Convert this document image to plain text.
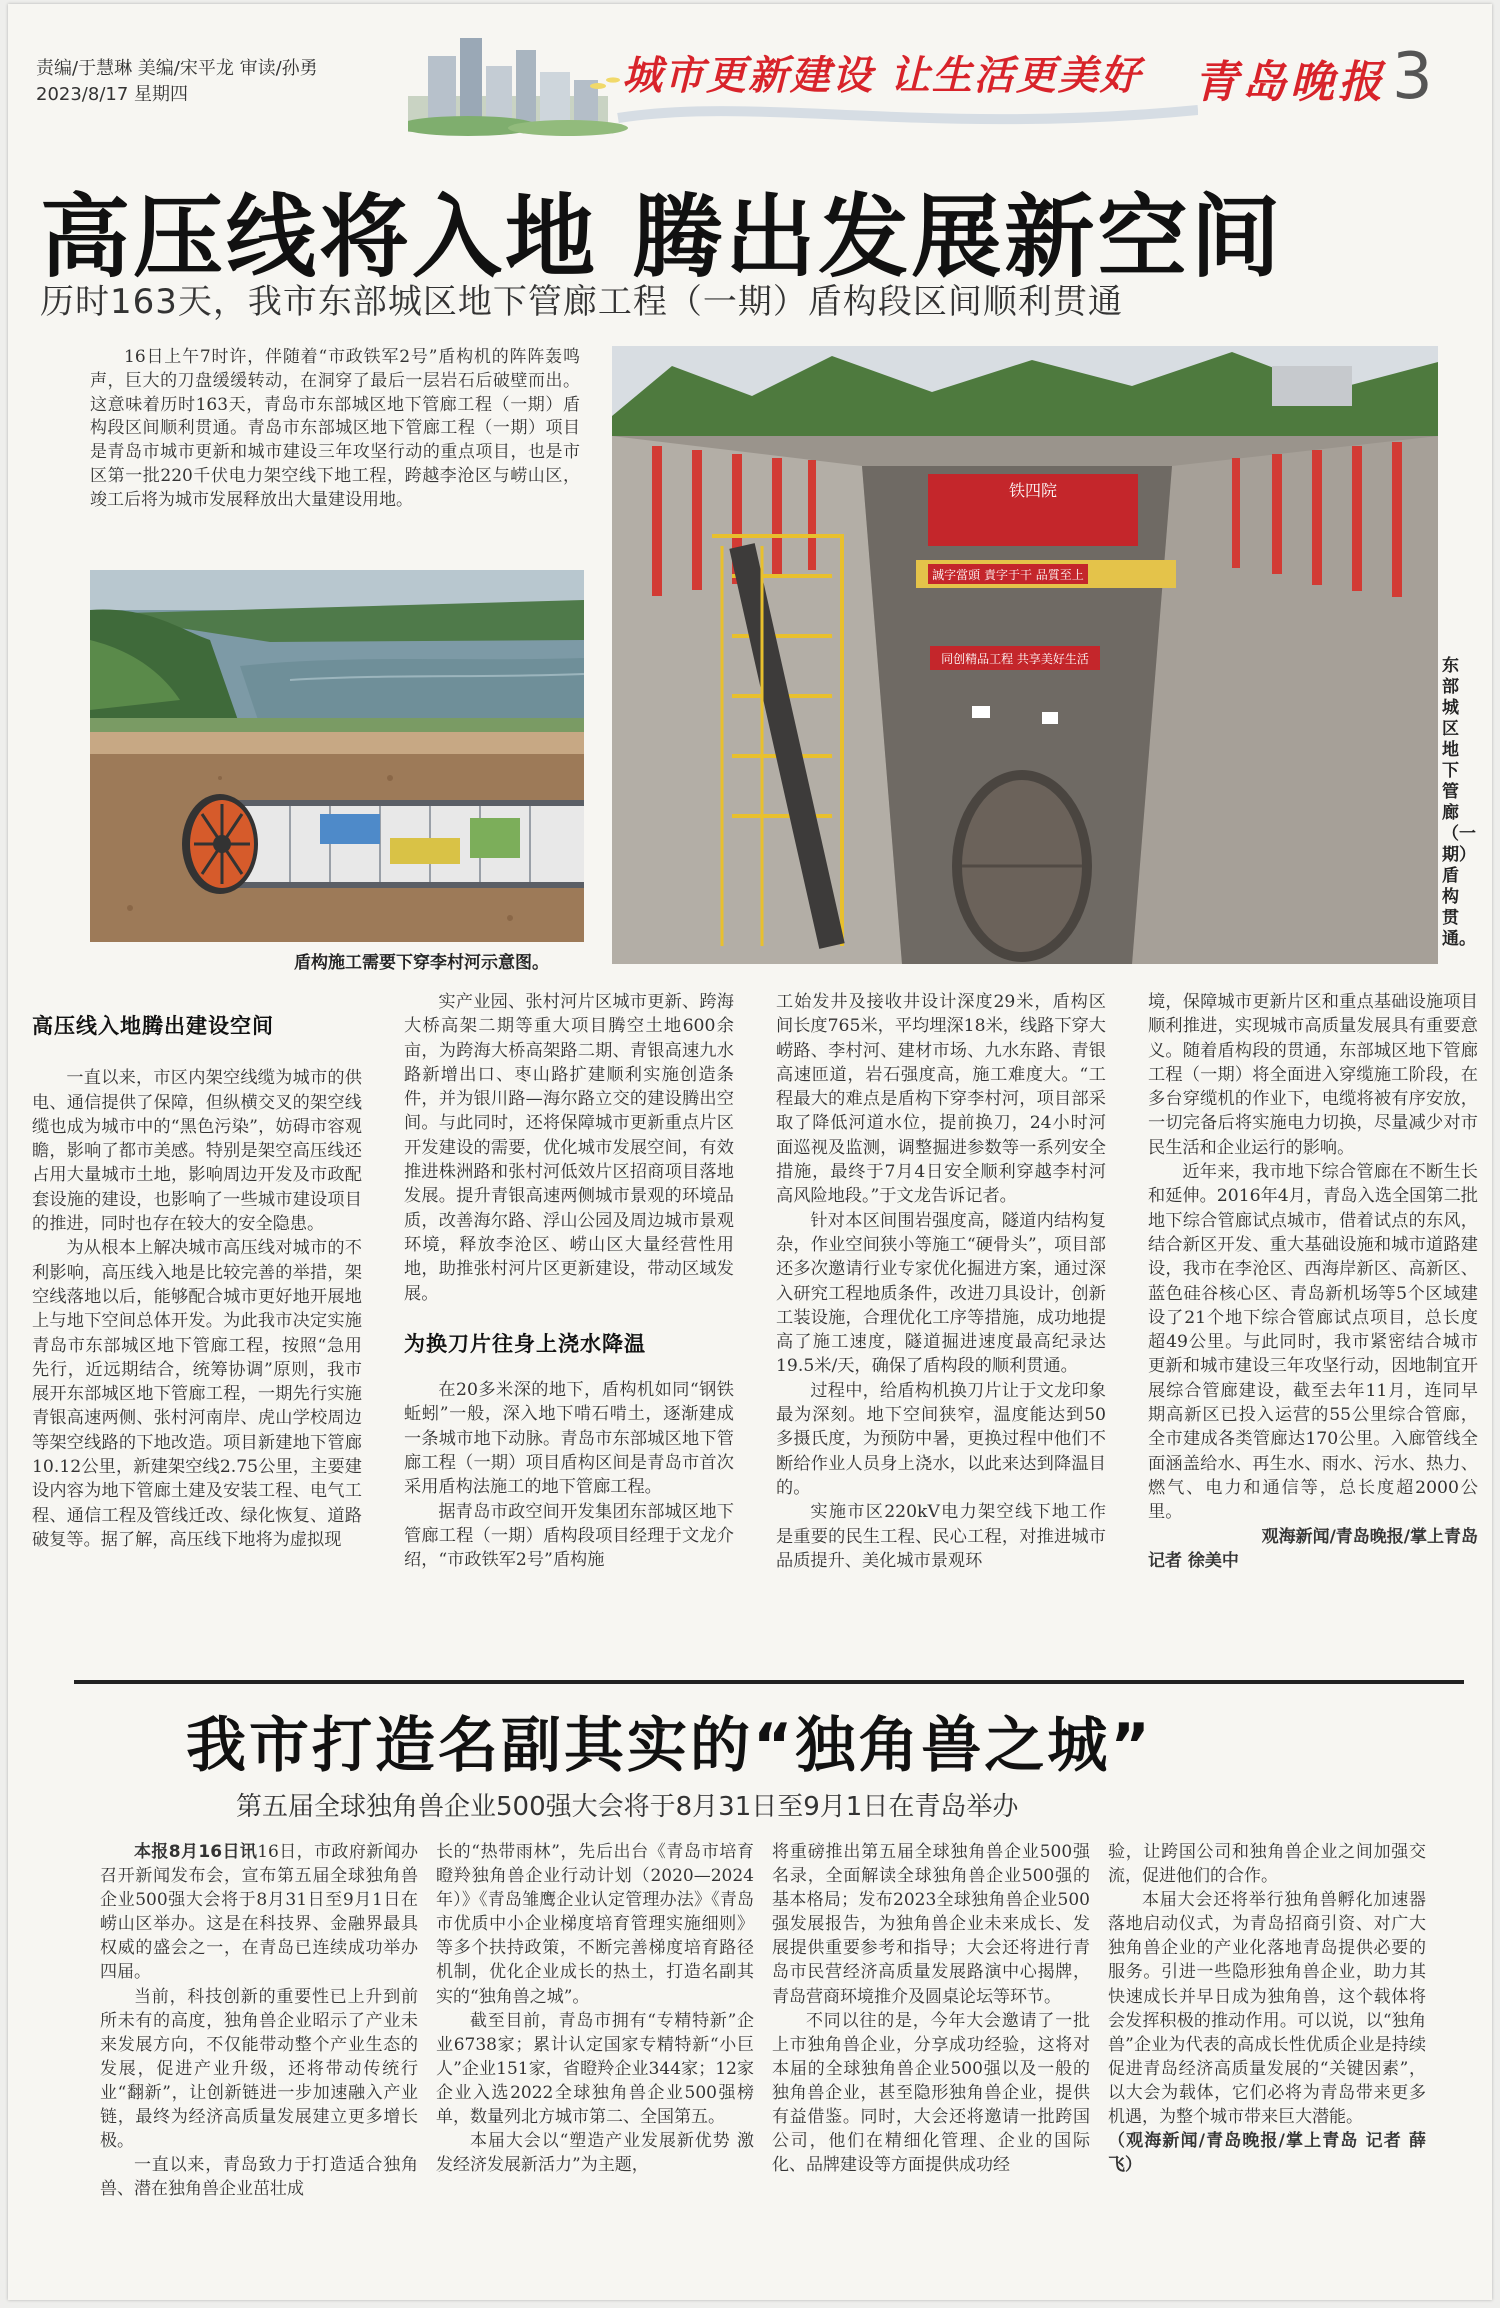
责编/于慧琳 美编/宋平龙 审读/孙勇
2023/8/17 星期四	城市更新建设 让生活更美好 青岛晚报 3
高压线将入地 腾出发展新空间
历时163天，我市东部城区地下管廊工程（一期）盾构段区间顺利贯通
16日上午7时许，伴随着“市政铁军2号”盾构机的阵阵轰鸣声，巨大的刀盘缓缓转动，在洞穿了最后一层岩石后破壁而出。这意味着历时163天，青岛市东部城区地下管廊工程（一期）盾构段区间顺利贯通。青岛市东部城区地下管廊工程（一期）项目是青岛市城市更新和城市建设三年攻坚行动的重点项目，也是市区第一批220千伏电力架空线下地工程，跨越李沧区与崂山区，竣工后将为城市发展释放出大量建设用地。
盾构施工需要下穿李村河示意图。
铁四院
誠字當頭 責字于干 品質至上
同创精品工程 共享美好生活	东部城区地下管廊（一期）盾构贯通。
高压线入地腾出建设空间

一直以来，市区内架空线缆为城市的供电、通信提供了保障，但纵横交叉的架空线缆也成为城市中的“黑色污染”，妨碍市容观瞻，影响了都市美感。特别是架空高压线还占用大量城市土地，影响周边开发及市政配套设施的建设，也影响了一些城市建设项目的推进，同时也存在较大的安全隐患。

为从根本上解决城市高压线对城市的不利影响，高压线入地是比较完善的举措，架空线落地以后，能够配合城市更好地开展地上与地下空间总体开发。为此我市决定实施青岛市东部城区地下管廊工程，按照“急用先行，近远期结合，统筹协调”原则，我市展开东部城区地下管廊工程，一期先行实施青银高速两侧、张村河南岸、虎山学校周边等架空线路的下地改造。项目新建地下管廊10.12公里，新建架空线2.75公里，主要建设内容为地下管廊土建及安装工程、电气工程、通信工程及管线迁改、绿化恢复、道路破复等。据了解，高压线下地将为虚拟现

实产业园、张村河片区城市更新、跨海大桥高架二期等重大项目腾空土地600余亩，为跨海大桥高架路二期、青银高速九水路新增出口、枣山路扩建顺利实施创造条件，并为银川路—海尔路立交的建设腾出空间。与此同时，还将保障城市更新重点片区开发建设的需要，优化城市发展空间，有效推进株洲路和张村河低效片区招商项目落地发展。提升青银高速两侧城市景观的环境品质，改善海尔路、浮山公园及周边城市景观环境，释放李沧区、崂山区大量经营性用地，助推张村河片区更新建设，带动区域发展。

为换刀片往身上浇水降温

在20多米深的地下，盾构机如同“钢铁蚯蚓”一般，深入地下啃石啃土，逐渐建成一条城市地下动脉。青岛市东部城区地下管廊工程（一期）项目盾构区间是青岛市首次采用盾构法施工的地下管廊工程。

据青岛市政空间开发集团东部城区地下管廊工程（一期）盾构段项目经理于文龙介绍，“市政铁军2号”盾构施

工始发井及接收井设计深度29米，盾构区间长度765米，平均埋深18米，线路下穿大崂路、李村河、建材市场、九水东路、青银高速匝道，岩石强度高，施工难度大。“工程最大的难点是盾构下穿李村河，项目部采取了降低河道水位，提前换刀，24小时河面巡视及监测，调整掘进参数等一系列安全措施，最终于7月4日安全顺利穿越李村河高风险地段。”于文龙告诉记者。

针对本区间围岩强度高，隧道内结构复杂，作业空间狭小等施工“硬骨头”，项目部还多次邀请行业专家优化掘进方案，通过深入研究工程地质条件，改进刀具设计，创新工装设施，合理优化工序等措施，成功地提高了施工速度，隧道掘进速度最高纪录达19.5米/天，确保了盾构段的顺利贯通。

过程中，给盾构机换刀片让于文龙印象最为深刻。地下空间狭窄，温度能达到50多摄氏度，为预防中暑，更换过程中他们不断给作业人员身上浇水，以此来达到降温目的。

实施市区220kV电力架空线下地工作是重要的民生工程、民心工程，对推进城市品质提升、美化城市景观环

境，保障城市更新片区和重点基础设施项目顺利推进，实现城市高质量发展具有重要意义。随着盾构段的贯通，东部城区地下管廊工程（一期）将全面进入穿缆施工阶段，在多台穿缆机的作业下，电缆将被有序安放，一切完备后将实施电力切换，尽量减少对市民生活和企业运行的影响。

近年来，我市地下综合管廊在不断生长和延伸。2016年4月，青岛入选全国第二批地下综合管廊试点城市，借着试点的东风，结合新区开发、重大基础设施和城市道路建设，我市在李沧区、西海岸新区、高新区、蓝色硅谷核心区、青岛新机场等5个区域建设了21个地下综合管廊试点项目，总长度超49公里。与此同时，我市紧密结合城市更新和城市建设三年攻坚行动，因地制宜开展综合管廊建设，截至去年11月，连同早期高新区已投入运营的55公里综合管廊，全市建成各类管廊达170公里。入廊管线全面涵盖给水、再生水、雨水、污水、热力、燃气、电力和通信等，总长度超2000公里。

观海新闻/青岛晚报/掌上青岛

记者 徐美中

我市打造名副其实的“独角兽之城”
第五届全球独角兽企业500强大会将于8月31日至9月1日在青岛举办

本报8月16日讯16日，市政府新闻办召开新闻发布会，宣布第五届全球独角兽企业500强大会将于8月31日至9月1日在崂山区举办。这是在科技界、金融界最具权威的盛会之一，在青岛已连续成功举办四届。

当前，科技创新的重要性已上升到前所未有的高度，独角兽企业昭示了产业未来发展方向，不仅能带动整个产业生态的发展，促进产业升级，还将带动传统行业“翻新”，让创新链进一步加速融入产业链，最终为经济高质量发展建立更多增长极。

一直以来，青岛致力于打造适合独角兽、潜在独角兽企业茁壮成

长的“热带雨林”，先后出台《青岛市培育瞪羚独角兽企业行动计划（2020—2024年）》《青岛雏鹰企业认定管理办法》《青岛市优质中小企业梯度培育管理实施细则》等多个扶持政策，不断完善梯度培育路径机制，优化企业成长的热土，打造名副其实的“独角兽之城”。

截至目前，青岛市拥有“专精特新”企业6738家；累计认定国家专精特新“小巨人”企业151家，省瞪羚企业344家；12家企业入选2022全球独角兽企业500强榜单，数量列北方城市第二、全国第五。

本届大会以“塑造产业发展新优势 激发经济发展新活力”为主题，

将重磅推出第五届全球独角兽企业500强名录，全面解读全球独角兽企业500强的基本格局；发布2023全球独角兽企业500强发展报告，为独角兽企业未来成长、发展提供重要参考和指导；大会还将进行青岛市民营经济高质量发展路演中心揭牌，青岛营商环境推介及圆桌论坛等环节。

不同以往的是，今年大会邀请了一批上市独角兽企业，分享成功经验，这将对本届的全球独角兽企业500强以及一般的独角兽企业，甚至隐形独角兽企业，提供有益借鉴。同时，大会还将邀请一批跨国公司，他们在精细化管理、企业的国际化、品牌建设等方面提供成功经

验，让跨国公司和独角兽企业之间加强交流，促进他们的合作。

本届大会还将举行独角兽孵化加速器落地启动仪式，为青岛招商引资、对广大独角兽企业的产业化落地青岛提供必要的服务。引进一些隐形独角兽企业，助力其快速成长并早日成为独角兽，这个载体将会发挥积极的推动作用。可以说，以“独角兽”企业为代表的高成长性优质企业是持续促进青岛经济高质量发展的“关键因素”，以大会为载体，它们必将为青岛带来更多机遇，为整个城市带来巨大潜能。

（观海新闻/青岛晚报/掌上青岛 记者 薛飞）
